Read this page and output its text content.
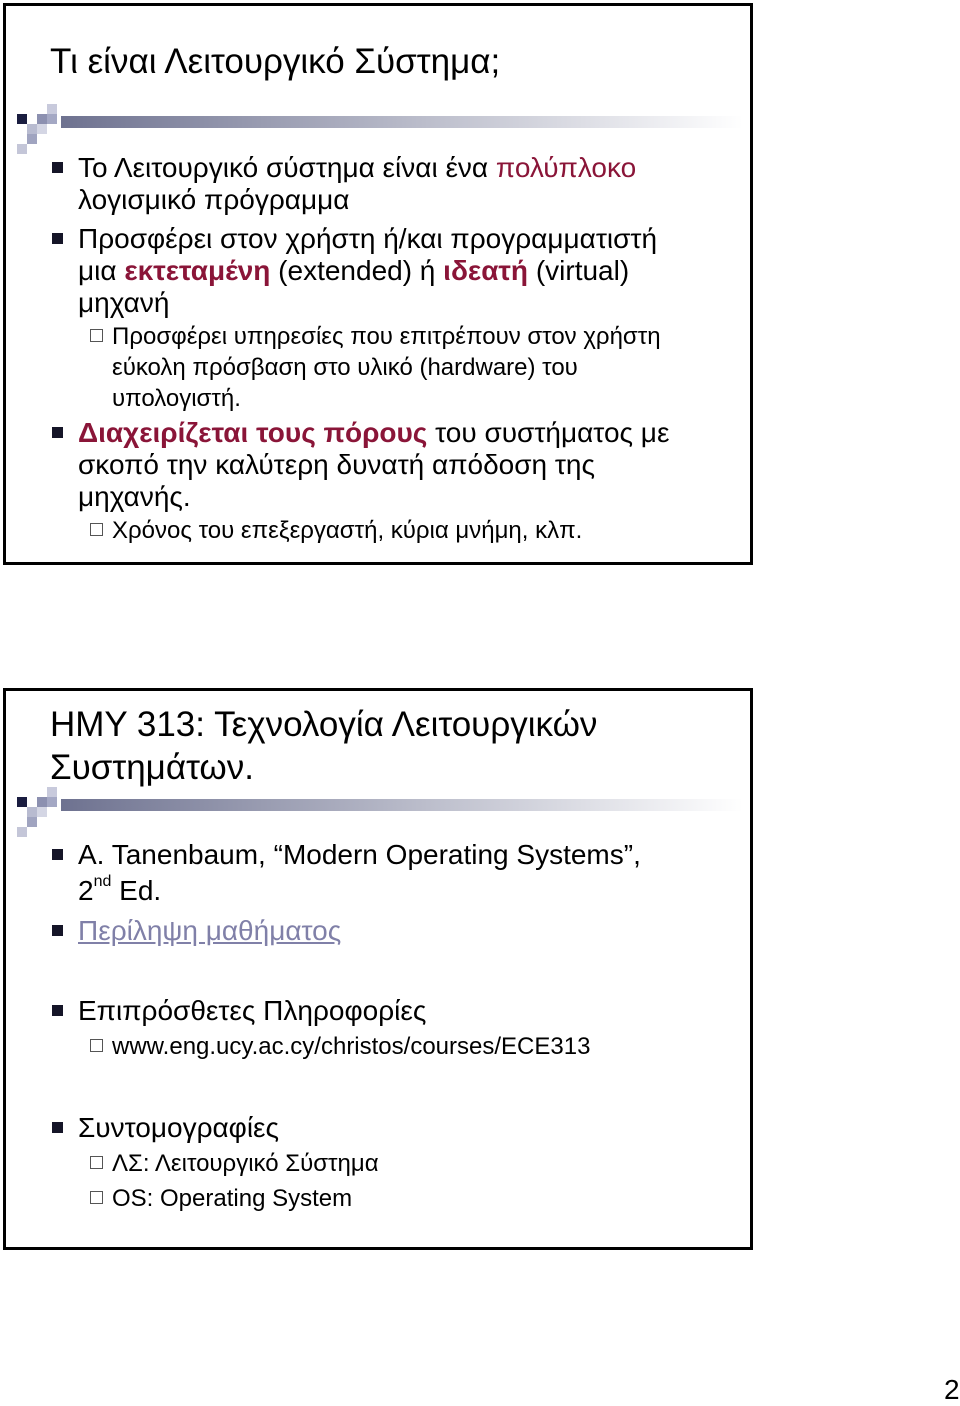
Τι είναι Λειτουργικό Σύστημα;
Το Λειτουργικό σύστημα είναι ένα πολύπλοκο
λογισμικό πρόγραμμα
Προσφέρει στον χρήστη ή/και προγραμματιστή
μια εκτεταμένη (extended) ή ιδεατή (virtual)
μηχανή
Προσφέρει υπηρεσίες που επιτρέπουν στον χρήστη
εύκολη πρόσβαση στο υλικό (hardware) του
υπολογιστή.
Διαχειρίζεται τους πόρους του συστήματος με
σκοπό την καλύτερη δυνατή απόδοση της
μηχανής.
Χρόνος του επεξεργαστή, κύρια μνήμη, κλπ.
ΗΜΥ 313: Τεχνολογία Λειτουργικών
Συστημάτων.
A. Tanenbaum, “Modern Operating Systems”,
2nd Ed.
Περίληψη μαθήματος
Επιπρόσθετες Πληροφορίες
www.eng.ucy.ac.cy/christos/courses/ECE313
Συντομογραφίες
ΛΣ: Λειτουργικό Σύστημα
OS: Operating System
2
